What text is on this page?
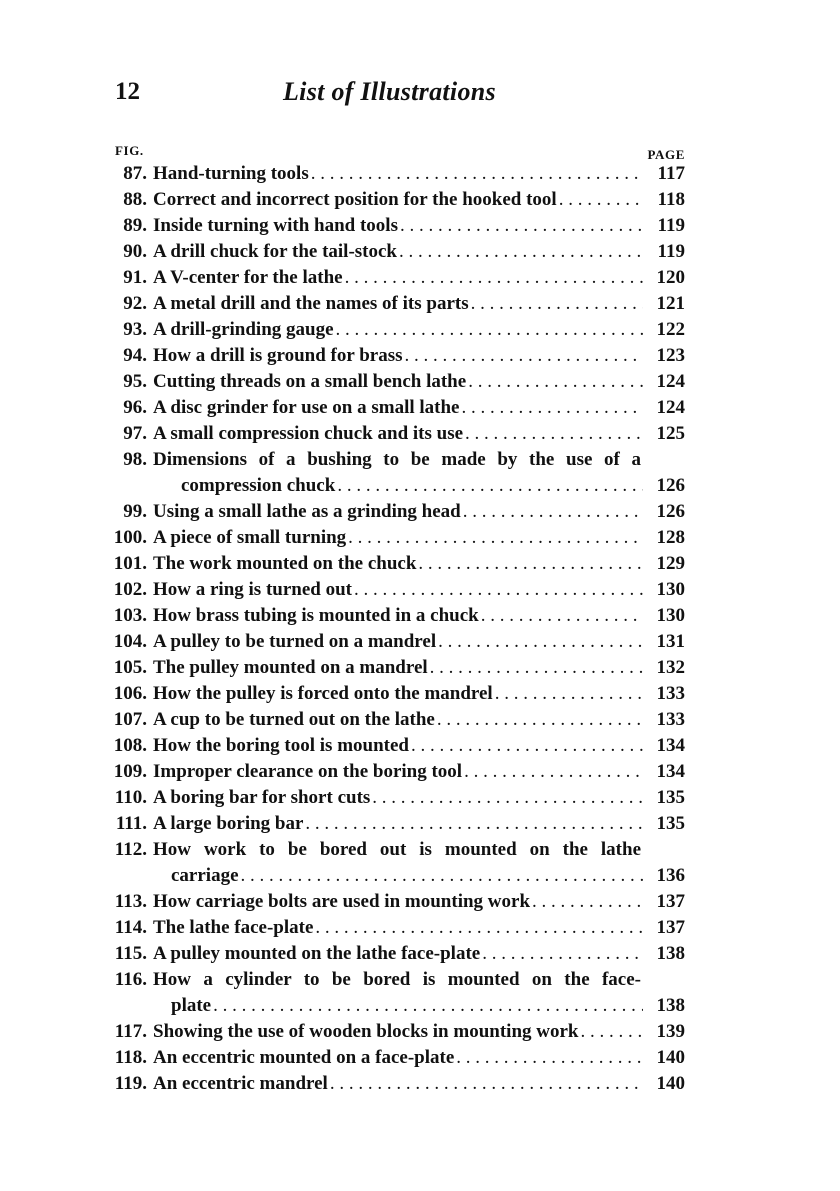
12	List of Illustrations
FIG.	PAGE
87. Hand-turning tools . . .	117
88. Correct and incorrect position for the hooked tool . . .	118
89. Inside turning with hand tools . . .	119
90. A drill chuck for the tail-stock . . .	119
91. A V-center for the lathe . . .	120
92. A metal drill and the names of its parts . . .	121
93. A drill-grinding gauge . . .	122
94. How a drill is ground for brass . . .	123
95. Cutting threads on a small bench lathe . . .	124
96. A disc grinder for use on a small lathe . . .	124
97. A small compression chuck and its use . . .	125
98. Dimensions of a bushing to be made by the use of a
compression chuck . . .	126
99. Using a small lathe as a grinding head . . .	126
100. A piece of small turning . . .	128
101. The work mounted on the chuck . . .	129
102. How a ring is turned out . . .	130
103. How brass tubing is mounted in a chuck . . .	130
104. A pulley to be turned on a mandrel . . .	131
105. The pulley mounted on a mandrel . . .	132
106. How the pulley is forced onto the mandrel . . .	133
107. A cup to be turned out on the lathe . . .	133
108. How the boring tool is mounted . . .	134
109. Improper clearance on the boring tool . . .	134
110. A boring bar for short cuts . . .	135
111. A large boring bar . . .	135
112. How work to be bored out is mounted on the lathe
carriage . . .	136
113. How carriage bolts are used in mounting work . . .	137
114. The lathe face-plate . . .	137
115. A pulley mounted on the lathe face-plate . . .	138
116. How a cylinder to be bored is mounted on the face-
plate . . .	138
117. Showing the use of wooden blocks in mounting work . . .	139
118. An eccentric mounted on a face-plate . . .	140
119. An eccentric mandrel . . .	140
